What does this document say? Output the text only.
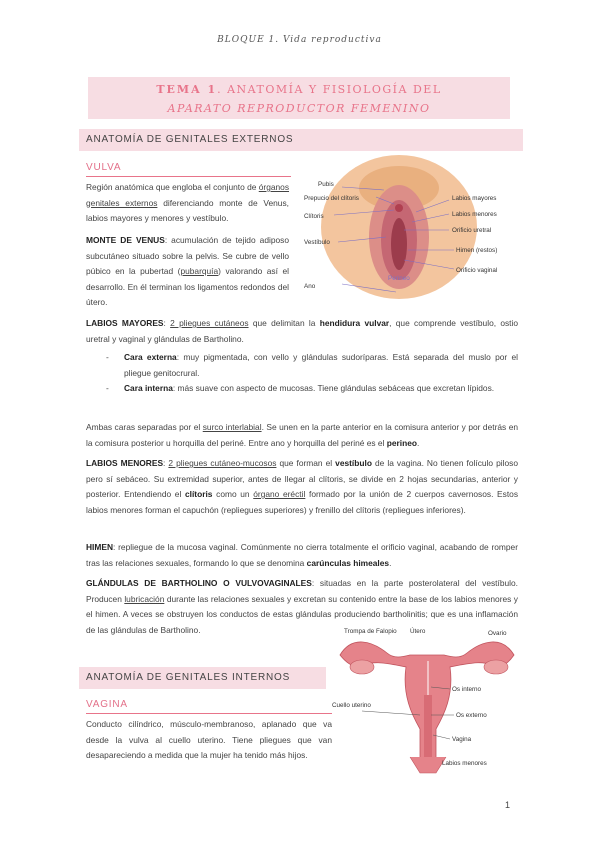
BLOQUE 1. Vida reproductiva
TEMA 1. ANATOMÍA Y FISIOLOGÍA DEL
APARATO REPRODUCTOR FEMENINO
ANATOMÍA DE GENITALES EXTERNOS
VULVA
Región anatómica que engloba el conjunto de órganos genitales externos diferenciando monte de Venus, labios mayores y menores y vestíbulo.
MONTE DE VENUS: acumulación de tejido adiposo subcutáneo situado sobre la pelvis. Se cubre de vello púbico en la pubertad (pubarquía) valorando así el desarrollo. En él terminan los ligamentos redondos del útero.
Pubis
Prepucio del clítoris
Clítoris
Vestíbulo
Perineo
Ano
Labios mayores
Labios menores
Orificio uretral
Himen (restos)
Orificio vaginal
LABIOS MAYORES: 2 pliegues cutáneos que delimitan la hendidura vulvar, que comprende vestíbulo, ostio uretral y vaginal y glándulas de Bartholino.
- Cara externa: muy pigmentada, con vello y glándulas sudoríparas. Está separada del muslo por el pliegue genitocrural.
- Cara interna: más suave con aspecto de mucosas. Tiene glándulas sebáceas que excretan lípidos.
Ambas caras separadas por el surco interlabial. Se unen en la parte anterior en la comisura anterior y por detrás en la comisura posterior u horquilla del periné. Entre ano y horquilla del periné es el perineo.
LABIOS MENORES: 2 pliegues cutáneo-mucosos que forman el vestíbulo de la vagina. No tienen folículo piloso pero sí sebáceo. Su extremidad superior, antes de llegar al clítoris, se divide en 2 hojas secundarias, anterior y posterior. Entendiendo el clítoris como un órgano eréctil formado por la unión de 2 cuerpos cavernosos. Estos labios menores forman el capuchón (repliegues superiores) y frenillo del clítoris (repliegues inferiores).
HIMEN: repliegue de la mucosa vaginal. Comúnmente no cierra totalmente el orificio vaginal, acabando de romper tras las relaciones sexuales, formando lo que se denomina carúnculas himeales.
GLÁNDULAS DE BARTHOLINO O VULVOVAGINALES: situadas en la parte posterolateral del vestíbulo. Producen lubricación durante las relaciones sexuales y excretan su contenido entre la base de los labios menores y el himen. A veces se obstruyen los conductos de estas glándulas produciendo bartholinitis; que es una inflamación de las glándulas de Bartholino.
ANATOMÍA DE GENITALES INTERNOS
VAGINA
Conducto cilíndrico, músculo-membranoso, aplanado que va desde la vulva al cuello uterino. Tiene pliegues que van desapareciendo a medida que la mujer ha tenido más hijos.
Trompa de Falopio Útero	Ovario
Os interno
Cuello uterino
Os externo
Vagina
Labios menores
1
